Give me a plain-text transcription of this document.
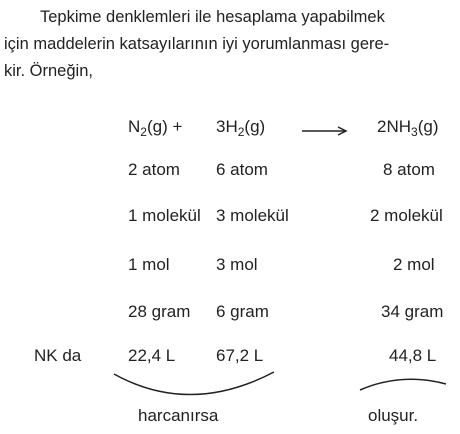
Tepkime denklemleri ile hesaplama yapabilmek
için maddelerin katsayılarının iyi yorumlanması gere-
kir. Örneğin,
$N_2(g) + 3H_2(g)$	$2NH_3(g)$
2 atom 6 atom	8 atom
1 molekül 3 molekül	2 molekül
1 mol	3 mol	2 mol
28 gram 6 gram	34 gram
NK da	22,4 L 67,2 L	44,8 L
harcanırsa	oluşur.
